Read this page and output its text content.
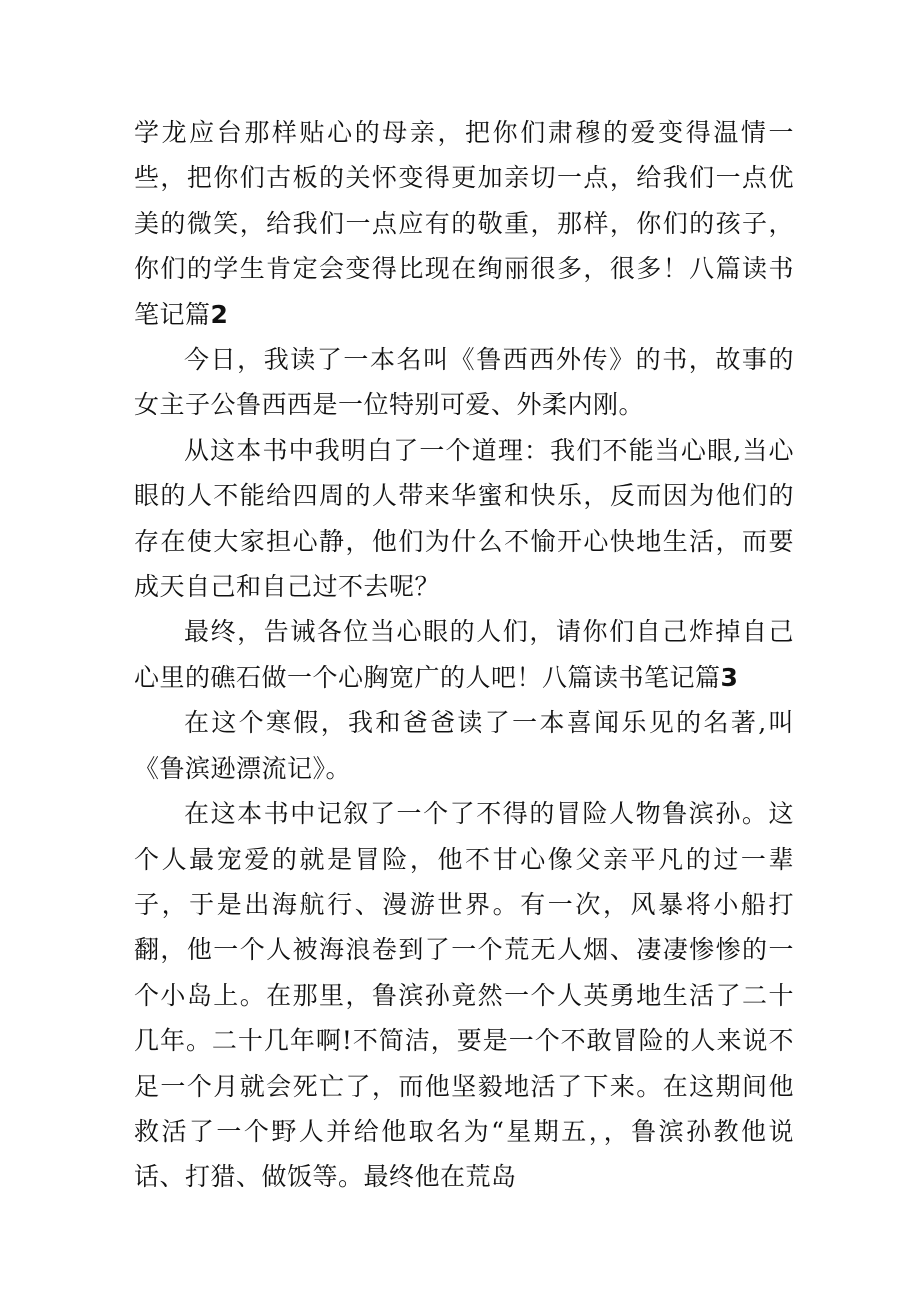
学龙应台那样贴心的母亲，把你们肃穆的爱变得温情一些，把你们古板的关怀变得更加亲切一点，给我们一点优美的微笑，给我们一点应有的敬重，那样，你们的孩子，你们的学生肯定会变得比现在绚丽很多，很多！八篇读书笔记篇2

今日，我读了一本名叫《鲁西西外传》的书，故事的女主子公鲁西西是一位特别可爱、外柔内刚。

从这本书中我明白了一个道理：我们不能当心眼,当心眼的人不能给四周的人带来华蜜和快乐，反而因为他们的存在使大家担心静，他们为什么不愉开心快地生活，而要成天自己和自己过不去呢？

最终，告诫各位当心眼的人们，请你们自己炸掉自己心里的礁石做一个心胸宽广的人吧！八篇读书笔记篇3

在这个寒假，我和爸爸读了一本喜闻乐见的名著,叫《鲁滨逊漂流记》。

在这本书中记叙了一个了不得的冒险人物鲁滨孙。这个人最宠爱的就是冒险，他不甘心像父亲平凡的过一辈子，于是出海航行、漫游世界。有一次，风暴将小船打翻，他一个人被海浪卷到了一个荒无人烟、凄凄惨惨的一个小岛上。在那里，鲁滨孙竟然一个人英勇地生活了二十几年。二十几年啊!不简洁，要是一个不敢冒险的人来说不足一个月就会死亡了，而他坚毅地活了下来。在这期间他救活了一个野人并给他取名为“星期五，，鲁滨孙教他说话、打猎、做饭等。最终他在荒岛
